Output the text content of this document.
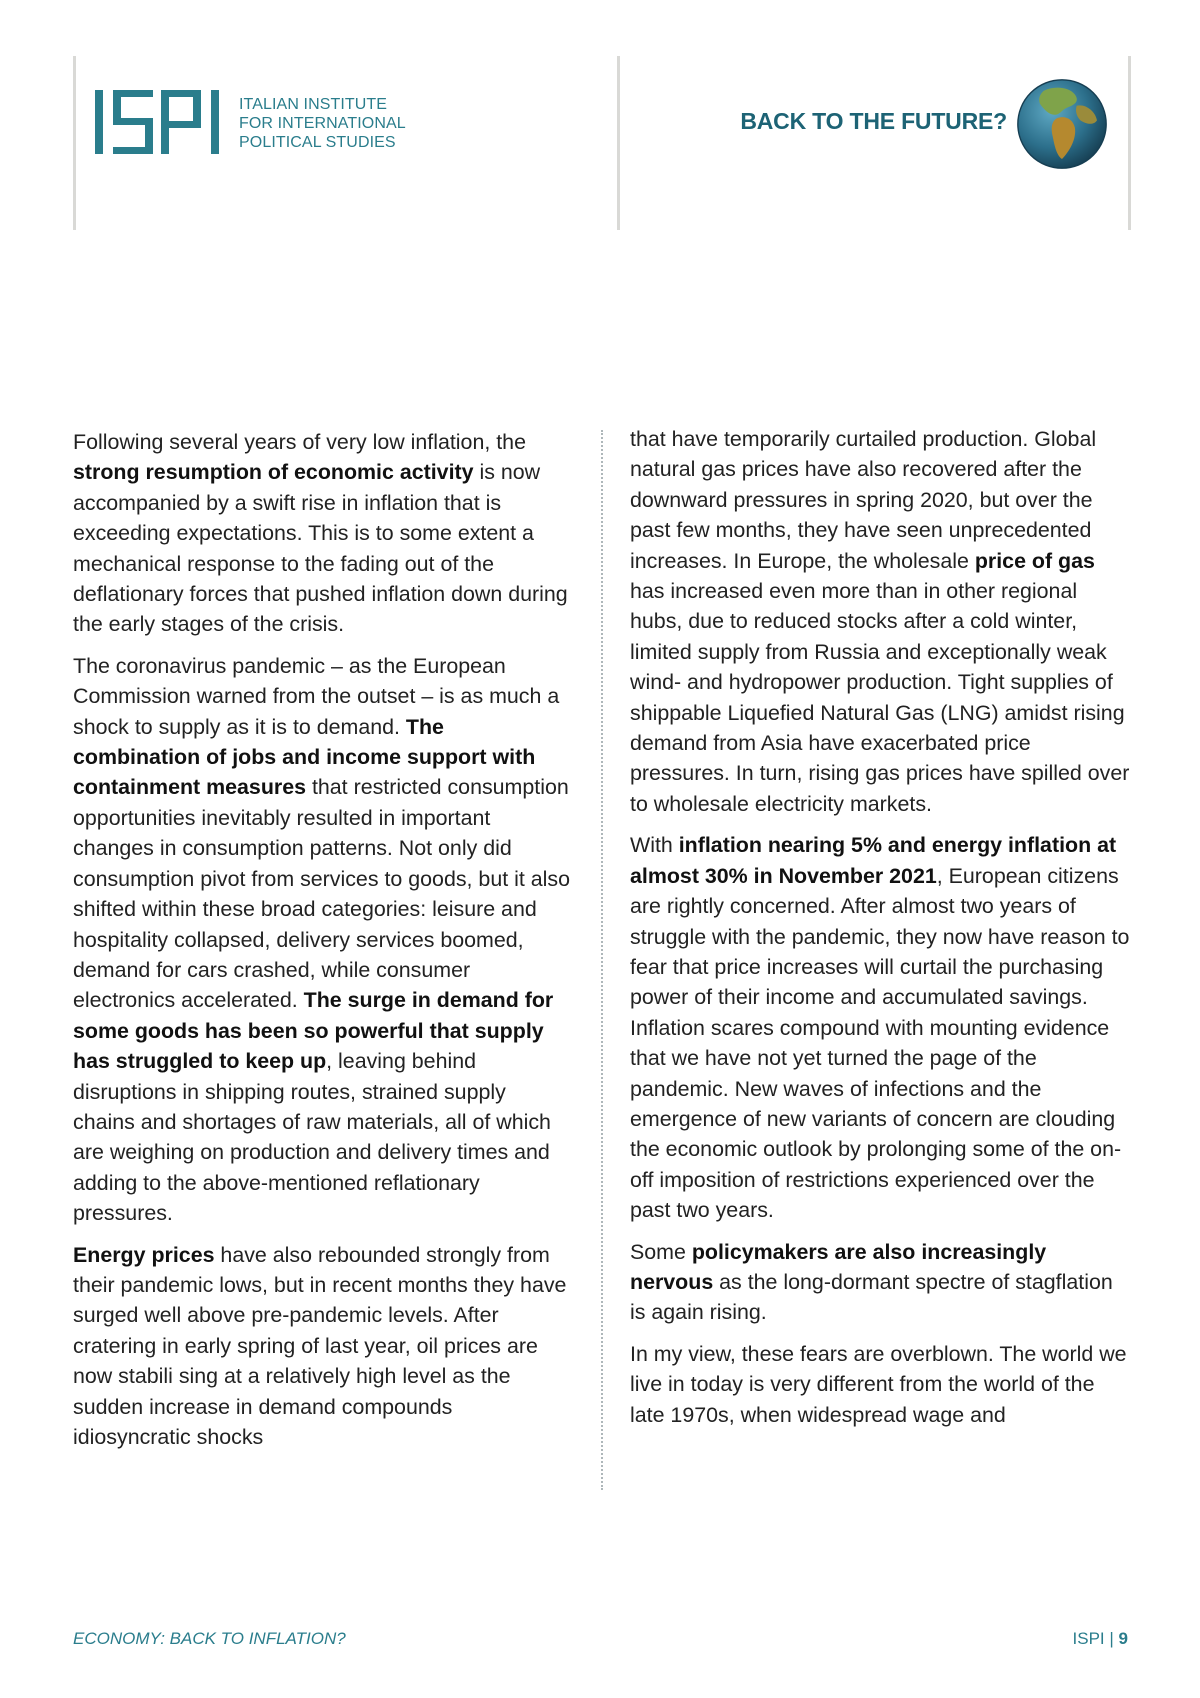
ITALIAN INSTITUTE
FOR INTERNATIONAL
POLITICAL STUDIES
BACK TO THE FUTURE?

Following several years of very low inflation, the strong resumption of economic activity is now accompanied by a swift rise in inflation that is exceeding expectations. This is to some extent a mechanical response to the fading out of the deflationary forces that pushed inflation down during the early stages of the crisis.

The coronavirus pandemic – as the European Commission warned from the outset – is as much a shock to supply as it is to demand. The combination of jobs and income support with containment measures that restricted consumption opportunities inevitably resulted in important changes in consumption patterns. Not only did consumption pivot from services to goods, but it also shifted within these broad categories: leisure and hospitality collapsed, delivery services boomed, demand for cars crashed, while consumer electronics accelerated. The surge in demand for some goods has been so powerful that supply has struggled to keep up, leaving behind disruptions in shipping routes, strained supply chains and shortages of raw materials, all of which are weighing on production and delivery times and adding to the above-mentioned reflationary pressures.

Energy prices have also rebounded strongly from their pandemic lows, but in recent months they have surged well above pre-pandemic levels. After cratering in early spring of last year, oil prices are now stabili sing at a relatively high level as the sudden increase in demand compounds idiosyncratic shocks

that have temporarily curtailed production. Global natural gas prices have also recovered after the downward pressures in spring 2020, but over the past few months, they have seen unprecedented increases. In Europe, the wholesale price of gas has increased even more than in other regional hubs, due to reduced stocks after a cold winter, limited supply from Russia and exceptionally weak wind- and hydropower production. Tight supplies of shippable Liquefied Natural Gas (LNG) amidst rising demand from Asia have exacerbated price pressures. In turn, rising gas prices have spilled over to wholesale electricity markets.

With inflation nearing 5% and energy inflation at almost 30% in November 2021, European citizens are rightly concerned. After almost two years of struggle with the pandemic, they now have reason to fear that price increases will curtail the purchasing power of their income and accumulated savings. Inflation scares compound with mounting evidence that we have not yet turned the page of the pandemic. New waves of infections and the emergence of new variants of concern are clouding the economic outlook by prolonging some of the on-off imposition of restrictions experienced over the past two years.

Some policymakers are also increasingly nervous as the long-dormant spectre of stagflation is again rising.

In my view, these fears are overblown. The world we live in today is very different from the world of the late 1970s, when widespread wage and

ECONOMY: BACK TO INFLATION?	ISPI | 9
